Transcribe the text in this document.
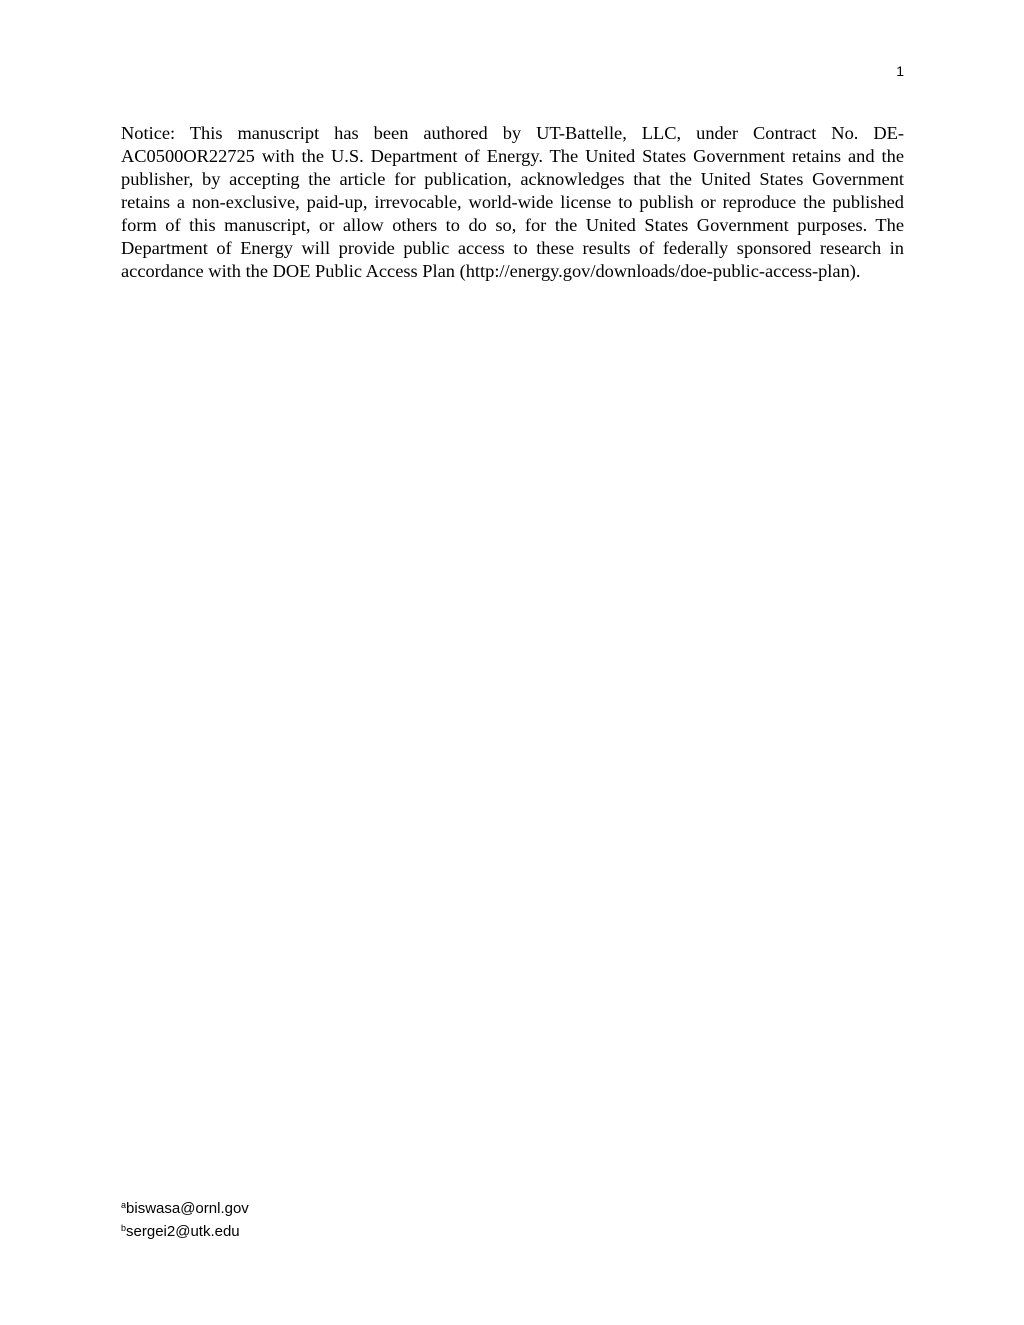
1

Notice: This manuscript has been authored by UT-Battelle, LLC, under Contract No. DE-AC0500OR22725 with the U.S. Department of Energy. The United States Government retains and the publisher, by accepting the article for publication, acknowledges that the United States Government retains a non-exclusive, paid-up, irrevocable, world-wide license to publish or reproduce the published form of this manuscript, or allow others to do so, for the United States Government purposes. The Department of Energy will provide public access to these results of federally sponsored research in accordance with the DOE Public Access Plan (http://energy.gov/downloads/doe-public-access-plan).

$^a$biswasa@ornl.gov
$^b$sergei2@utk.edu
